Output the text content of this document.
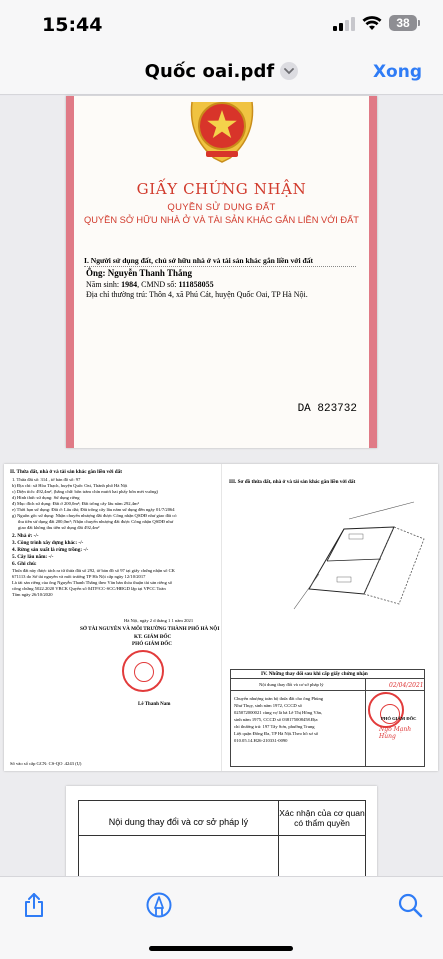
15:44	38
Quốc oai.pdf	Xong
GIẤY CHỨNG NHẬN
QUYỀN SỬ DỤNG ĐẤT
QUYỀN SỞ HỮU NHÀ Ở VÀ TÀI SẢN KHÁC GẮN LIỀN VỚI ĐẤT
I. Người sử dụng đất, chủ sở hữu nhà ở và tài sản khác gắn liền với đất
Ông: Nguyễn Thanh Thắng
Năm sinh: 1984, CMND số: 111858055
Địa chỉ thường trú: Thôn 4, xã Phú Cát, huyện Quốc Oai, TP Hà Nội.
DA 823732
II. Thửa đất, nhà ở và tài sản khác gắn liền với đất
1. Thửa đất số: 314 , tờ bản đồ số: 97
b) Địa chỉ: xã Hòa Thạch, huyện Quốc Oai, Thành phố Hà Nội
c) Diện tích: 492,4m², (bằng chữ: bốn trăm chín mươi hai phẩy bốn mét vuông)
d) Hình thức sử dụng: Sử dụng riêng
đ) Mục đích sử dụng: Đất ở 200,0m²; Đất trồng cây lâu năm 292,4m²
e) Thời hạn sử dụng: Đất ở: Lâu dài; Đất trồng cây lâu năm sử dụng đến ngày 01/7/2064
g) Nguồn gốc sử dụng: Nhận chuyển nhượng đất được Công nhận QSDĐ như giao đất có
thu tiền sử dụng đất 200,0m²; Nhận chuyển nhượng đất được Công nhận QSDĐ như
giao đất không thu tiền sử dụng đất 492,4m²
2. Nhà ở: -/-
3. Công trình xây dựng khác: -/-
4. Rừng sản xuất là rừng trồng: -/-
5. Cây lâu năm: -/-
6. Ghi chú:
Thửa đất này được tách ra từ thửa đất số 292, tờ bản đồ số 97 tại giấy chứng nhận số CK
671113 do Sở tài nguyên và môi trường TP Hà Nội cấp ngày 12/10/2017
Là tài sản riêng của ông Nguyễn Thanh Thắng theo Văn bản thỏa thuận tài sản riêng số
công chứng 5022.2020 VBCK Quyển số 04TP/CC-SCC/HĐGD lập tại VPCC Toàn
Tâm ngày 26/10/2020
III. Sơ đồ thửa đất, nhà ở và tài sản khác gắn liền với đất
Hà Nội, ngày 2 d tháng 1 1 năm 2021
SỞ TÀI NGUYÊN VÀ MÔI TRƯỜNG THÀNH PHỐ HÀ NỘI
KT. GIÁM ĐỐC
PHÓ GIÁM ĐỐC
Lê Thanh Nam
Số vào sổ cấp GCN: CS-QO .4243 (Ụ)
IV. Những thay đổi sau khi cấp giấy chứng nhận
Nội dung thay đổi và cơ sở pháp lý
Chuyển nhượng toàn bộ thửa đất cho ông Phùng
Như Thụy, sinh năm 1972, CCCD số
025072000021 cùng vợ là bà Lê Thị Hồng Vân,
sinh năm 1975, CCCD số 038175008458.Địa
chỉ thường trú: 197 Tây Sơn, phường Trung
Liệt quận Đống Đa, TP Hà Nội.Theo hồ sơ số
010.05.14.H26-210331-0090
02/04/2021
PHÓ GIÁM ĐỐC
Ngô Mạnh Hùng
Nội dung thay đổi và cơ sở pháp lý
Xác nhận của cơ quan có thẩm quyền
